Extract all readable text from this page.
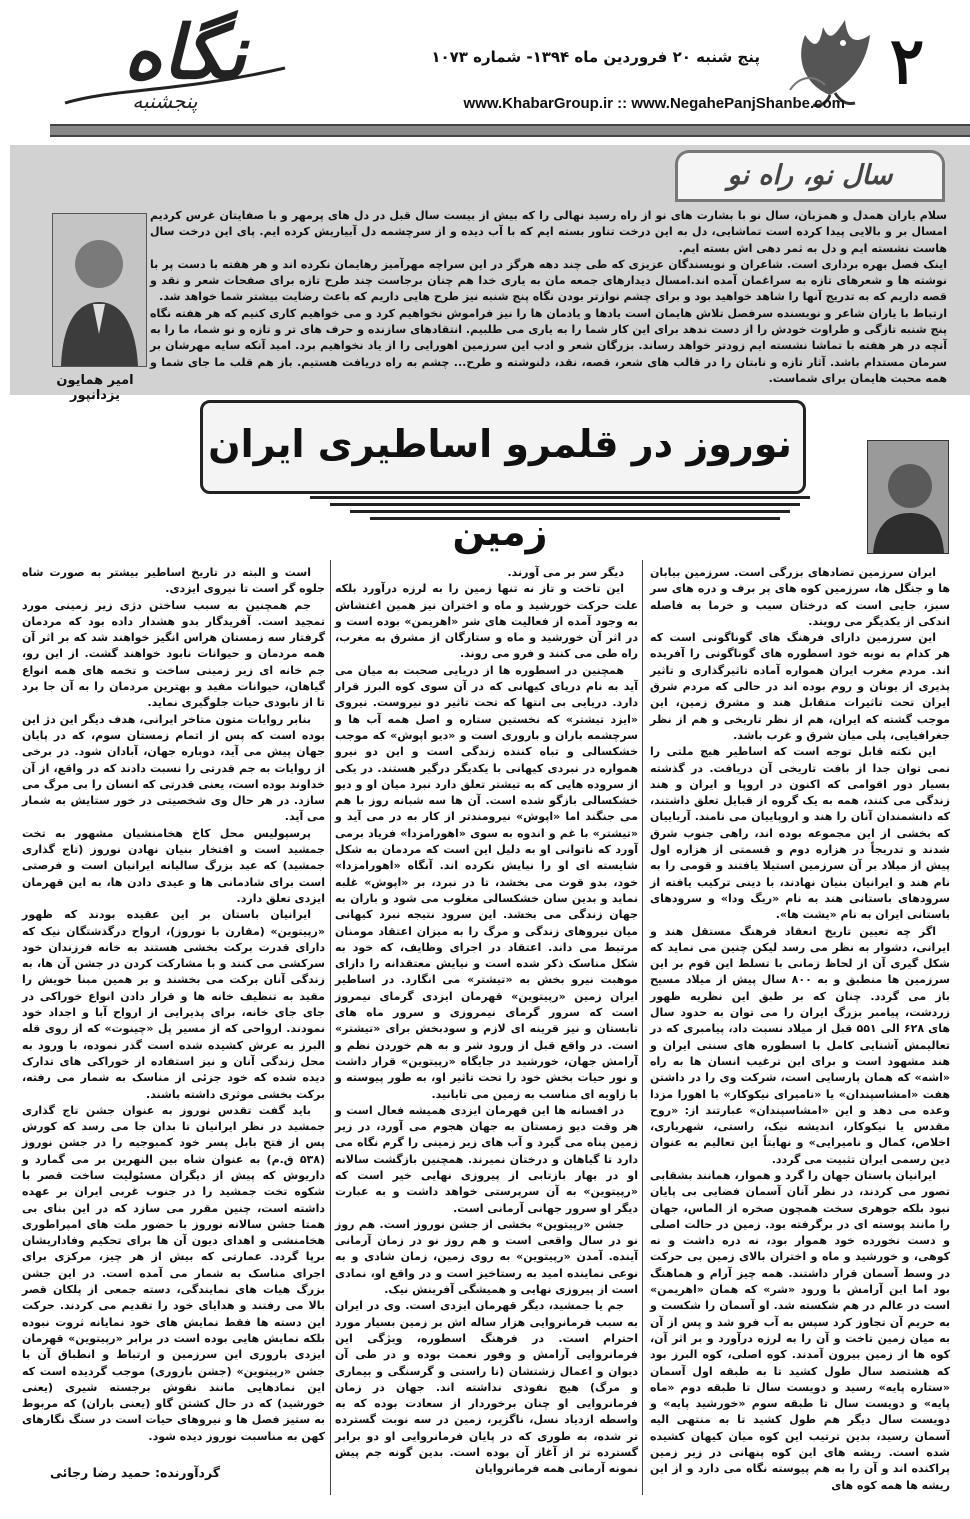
۲
نگاه
پنجشنبه
پنج شنبه ۲۰ فروردین ماه ۱۳۹۴- شماره ۱۰۷۳
www.KhabarGroup.ir :: www.NegahePanjShanbe.com
سال نو، راه نو

سلام یاران همدل و همزبان، سال نو با بشارت های نو از راه رسید نهالی را که بیش از بیست سال قبل در دل های پرمهر و با صفایتان غرس کردیم امسال بر و بالایی پیدا کرده است تماشایی، دل به این درخت تناور بسته ایم که با آب دیده و از سرچشمه دل آبیاریش کرده ایم. پای این درخت سال هاست نشسته ایم و دل به ثمر دهی اش بسته ایم.

اینک فصل بهره برداری است. شاعران و نویسندگان عزیزی که طی چند دهه هرگز در این سراچه مهرآمیز رهایمان نکرده اند و هر هفته با دست پر با نوشته ها و شعرهای تازه به سراغمان آمده اند.امسال دیدارهای جمعه مان به یاری خدا هم چنان برجاست چند طرح تازه برای صفحات شعر و نقد و قصه داریم که به تدریج آنها را شاهد خواهید بود و برای چشم نوازتر بودن نگاه پنج شنبه نیز طرح هایی داریم که باعث رضایت بیشتر شما خواهد شد.

ارتباط با یاران شاعر و نویسنده سرفصل تلاش هایمان است یادها و یادمان ها را نیز فراموش نخواهیم کرد و می خواهیم کاری کنیم که هر هفته نگاه پنج شنبه تازگی و طراوت خودش را از دست ندهد برای این کار شما را به یاری می طلبیم. انتقادهای سازنده و حرف های تر و تازه و نو شما، ما را به آنچه در هر هفته با تماشا نشسته ایم زودتر خواهد رساند. بزرگان شعر و ادب این سرزمین اهورایی را از یاد نخواهیم برد. امید آنکه سایه مهرشان بر سرمان مستدام باشد. آثار تازه و نابتان را در قالب های شعر، قصه، نقد، دلنوشته و طرح... چشم به راه دریافت هستیم. باز هم قلب ما جای شما و همه محبت هایمان برای شماست.

امیر همایون یزدانپور
نوروز در قلمرو اساطیری ایران زمین

ایران سرزمین تضادهای بزرگی است. سرزمین بیابان ها و جنگل ها، سرزمین کوه های پر برف و دره های سر سبز، جایی است که درختان سیب و خرما به فاصله اندکی از یکدیگر می رویند.

این سرزمین دارای فرهنگ های گوناگونی است که هر کدام به نوبه خود اسطوره های گوناگونی را آفریده اند. مردم مغرب ایران همواره آماده تاثیرگذاری و تاثیر پذیری از یونان و روم بوده اند در حالی که مردم شرق ایران تحت تاثیرات متقابل هند و مشرق زمین، این موجب گشته که ایران، هم از نظر تاریخی و هم از نظر جغرافیایی، پلی میان شرق و غرب باشد.

این نکته قابل توجه است که اساطیر هیچ ملتی را نمی توان جدا از بافت تاریخی آن دریافت. در گذشته بسیار دور اقوامی که اکنون در اروپا و ایران و هند زندگی می کنند، همه به یک گروه از قبایل تعلق داشتند، که دانشمندان آنان را هند و اروپاییان می نامند. آریاییان که بخشی از این مجموعه بوده اند، راهی جنوب شرق شدند و تدریجاً در هزاره دوم و قسمتی از هزاره اول پیش از میلاد بر آن سرزمین استیلا یافتند و قومی را به نام هند و ایرانیان بنیان نهادند، با دینی ترکیب یافته از سرودهای باستانی هند به نام «ریگ ودا» و سرودهای باستانی ایران به نام «یشت ها».

اگر چه تعیین تاریخ انعقاد فرهنگ مستقل هند و ایرانی، دشوار به نظر می رسد لیکن چنین می نماید که شکل گیری آن از لحاظ زمانی با تسلط این قوم بر این سرزمین ها منطبق و به ۸۰۰ سال پیش از میلاد مسیح باز می گردد. چنان که بر طبق این نظریه ظهور زردشت، پیامبر بزرگ ایران را می توان به حدود سال های ۶۲۸ الی ۵۵۱ قبل از میلاد نسبت داد، پیامبری که در تعالیمش آشنایی کامل با اسطوره های سنتی ایران و هند مشهود است و برای این ترغیب انسان ها به راه «اشه» که همان پارسایی است، شرکت وی را در داشتن هفت «امشاسپندان» یا «نامیرای نیکوکار» با اهورا مزدا وعده می دهد و این «امشاسپندان» عبارتند از: «روح مقدس یا نیکوکار، اندیشه نیک، راستی، شهریاری، اخلاص، کمال و نامیرایی» و نهایتاً این تعالیم به عنوان دین رسمی ایران تثبیت می گردد.

ایرانیان باستان جهان را گرد و هموار، همانند بشقابی تصور می کردند، در نظر آنان آسمان فضایی بی پایان نبود بلکه جوهری سخت همچون صخره از الماس، جهان را مانند پوسته ای در برگرفته بود. زمین در حالت اصلی و دست نخورده خود هموار بود، نه دره داشت و نه کوهی، و خورشید و ماه و اختران بالای زمین بی حرکت در وسط آسمان قرار داشتند. همه چیز آرام و هماهنگ بود اما این آرامش با ورود «شر» که همان «اهریمن» است در عالم در هم شکسته شد. او آسمان را شکست و به حریم آن تجاوز کرد سپس به آب فرو شد و پس از آن به میان زمین تاخت و آن را به لرزه درآورد و بر اثر آن، کوه ها از زمین بیرون آمدند. کوه اصلی، کوه البرز بود که هشتصد سال طول کشید تا به طبقه اول آسمان «ستاره پایه» رسید و دویست سال تا طبقه دوم «ماه پایه» و دویست سال تا طبقه سوم «خورشید پایه» و دویست سال دیگر هم طول کشید تا به منتهی الیه آسمان رسید، بدین ترتیب این کوه میان کیهان کشیده شده است. ریشه های این کوه پنهانی در زیر زمین پراکنده اند و آن را به هم پیوسته نگاه می دارد و از این ریشه ها همه کوه های

دیگر سر بر می آورند.

این تاخت و تاز نه تنها زمین را به لرزه درآورد بلکه علت حرکت خورشید و ماه و اختران نیز همین اغتشاش به وجود آمده از فعالیت های شر «اهریمن» بوده است و در اثر آن خورشید و ماه و ستارگان از مشرق به مغرب، راه طی می کنند و فرو می روند.

همچنین در اسطوره ها از دریایی صحبت به میان می آید به نام دریای کیهانی که در آن سوی کوه البرز قرار دارد. دریایی بی انتها که تحت تاثیر دو نیروست. نیروی «ایزد تیشتر» که نخستین ستاره و اصل همه آب ها و سرچشمه باران و باروری است و «دیو اپوش» که موجب خشکسالی و تباه کننده زندگی است و این دو نیرو همواره در نبردی کیهانی با یکدیگر درگیر هستند. در یکی از سروده هایی که به تیشتر تعلق دارد نبرد میان او و دیو خشکسالی بازگو شده است. آن ها سه شبانه روز با هم می جنگند اما «اپوش» نیرومندتر از کار به در می آید و «تیشتر» با غم و اندوه به سوی «اهورامزدا» فریاد برمی آورد که ناتوانی او به دلیل این است که مردمان به شکل شایسته ای او را نیایش نکرده اند. آنگاه «اهورامزدا» خود، بدو قوت می بخشد، تا در نبرد، بر «اپوش» غلبه نماید و بدین سان خشکسالی مغلوب می شود و باران به جهان زندگی می بخشد. این سرود نتیجه نبرد کیهانی میان نیروهای زندگی و مرگ را به میزان اعتقاد مومنان مرتبط می داند. اعتقاد در اجرای وظایف، که خود به شکل مناسک ذکر شده است و نیایش معتقدانه را دارای موهبت نیرو بخش به «تیشتر» می انگارد. در اساطیر ایران زمین «رپیتوین» قهرمان ایزدی گرمای نیمروز است که سرور گرمای نیمروزی و سرور ماه های تابستان و نیز قرینه ای لازم و سودبخش برای «تیشتر» است. در واقع قبل از ورود شر و به هم خوردن نظم و آرامش جهان، خورشید در جایگاه «رپیتوین» قرار داشت و نور حیات بخش خود را تحت تاثیر او، به طور پیوسته و با زاویه ای مناسب به زمین می تابانید.

در افسانه ها این قهرمان ایزدی همیشه فعال است و هر وقت دیو زمستان به جهان هجوم می آورد، در زیر زمین پناه می گیرد و آب های زیر زمینی را گرم نگاه می دارد تا گیاهان و درختان نمیرند. همچنین بازگشت سالانه او در بهار بازتابی از پیروزی نهایی خیر است که «رپیتوین» به آن سرپرستی خواهد داشت و به عبارت دیگر او سرور جهانی آرمانی است.

جشن «رپیتوین» بخشی از جشن نوروز است. هم روز نو در سال واقعی است و هم روز نو در زمان آرمانی آینده. آمدن «رپیتوین» به روی زمین، زمان شادی و به نوعی نماینده امید به رستاخیز است و در واقع او، نمادی است از پیروزی نهایی و همیشگی آفرینش نیک.

جم یا جمشید، دیگر قهرمان ایزدی است. وی در ایران به سبب فرمانروایی هزار ساله اش بر زمین بسیار مورد احترام است. در فرهنگ اسطوره، ویژگی این فرمانروایی آرامش و وفور نعمت بوده و در طی آن دیوان و اعمال زشتشان (نا راستی و گرسنگی و بیماری و مرگ) هیچ نفوذی نداشته اند. جهان در زمان فرمانروایی او چنان برخوردار از سعادت بوده که به واسطه ازدیاد نسل، ناگزیر، زمین در سه نوبت گسترده تر شده، به طوری که در پایان فرمانروایی او دو برابر گسترده تر از آغاز آن بوده است. بدین گونه جم پیش نمونه آرمانی همه فرمانروایان

است و البته در تاریخ اساطیر بیشتر به صورت شاه جلوه گر است تا نیروی ایزدی.

جم همچنین به سبب ساختن دژی زیر زمینی مورد تمجید است. آفریدگار بدو هشدار داده بود که مردمان گرفتار سه زمستان هراس انگیز خواهند شد که بر اثر آن همه مردمان و حیوانات نابود خواهند گشت. از این رو، جم خانه ای زیر زمینی ساخت و تخمه های همه انواع گیاهان، حیوانات مفید و بهترین مردمان را به آن جا برد تا از نابودی حیات جلوگیری نماید.

بنابر روایات متون متاخر ایرانی، هدف دیگر این دژ این بوده است که پس از اتمام زمستان سوم، که در پایان جهان پیش می آید، دوباره جهان، آبادان شود. در برخی از روایات به جم قدرتی را نسبت دادند که در واقع، از آن خداوند بوده است، یعنی قدرتی که انسان را بی مرگ می سازد. در هر حال وی شخصیتی در خور ستایش به شمار می آید.

پرسپولیس محل کاخ هخامنشیان مشهور به تخت جمشید است و افتخار بنیان نهادن نوروز (تاج گذاری جمشید) که عید بزرگ سالیانه ایرانیان است و فرصتی است برای شادمانی ها و عیدی دادن ها، به این قهرمان ایزدی تعلق دارد.

ایرانیان باستان بر این عقیده بودند که ظهور «رپیتوین» (مقارن با نوروز)، ارواح درگذشتگان نیک که دارای قدرت برکت بخشی هستند به خانه فرزندان خود سرکشی می کنند و با مشارکت کردن در جشن آن ها، به زندگی آنان برکت می بخشند و بر همین مبنا خویش را مقید به تنظیف خانه ها و قرار دادن انواع خوراکی در جای جای خانه، برای پذیرایی از ارواح آبا و اجداد خود نمودند. ارواحی که از مسیر پل «چینوت» که از روی قله البرز به عرش کشیده شده است گذر نموده، با ورود به محل زندگی آنان و نیز استفاده از خوراکی های تدارک دیده شده که خود جزئی از مناسک به شمار می رفته، برکت بخشی موثری داشته باشند.

باید گفت تقدس نوروز به عنوان جشن تاج گذاری جمشید در نظر ایرانیان تا بدان جا می رسد که کورش پس از فتح بابل پسر خود کمبوجیه را در جشن نوروز (۵۳۸ ق.م) به عنوان شاه بین النهرین بر می گمارد و داریوش که پیش از دیگران مسئولیت ساخت قصر با شکوه تخت جمشید را در جنوب غربی ایران بر عهده داشته است، چنین مقرر می سازد که در این بنای بی همتا جشن سالانه نوروز با حضور ملت های امپراطوری هخامنشی و اهدای دیون آن ها برای تحکیم وفاداریشان برپا گردد. عمارتی که بیش از هر چیز، مرکزی برای اجرای مناسک به شمار می آمده است. در این جشن بزرگ هیات های نمایندگی، دسته جمعی از پلکان قصر بالا می رفتند و هدایای خود را تقدیم می کردند. حرکت این دسته ها فقط نمایش های خود نمایانه ثروت نبوده بلکه نمایش هایی بوده است در برابر «رپیتوین» قهرمان ایزدی باروری این سرزمین و ارتباط و انطباق آن با جشن «رپیتوین» (جشن باروری) موجب گردیده است که این نمادهایی مانند نقوش برجسته شیری (یعنی خورشید) که در حال کشتن گاو (یعنی باران) که مربوط به ستیز فصل ها و نیروهای حیات است در سنگ نگارهای کهن به مناسبت نوروز دیده شود.

گردآورنده: حمید رضا رجائی
